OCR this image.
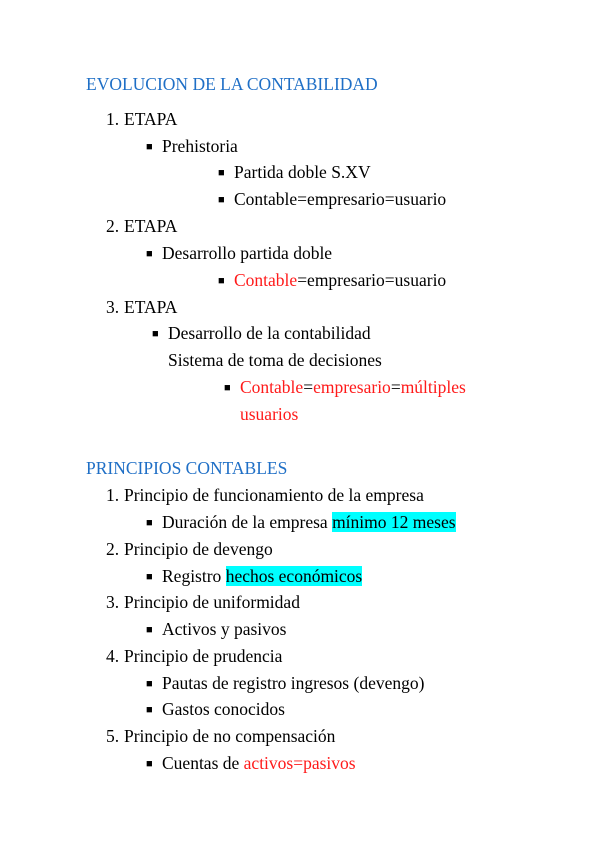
EVOLUCION DE LA CONTABILIDAD
1. ETAPA
■ Prehistoria
■ Partida doble S.XV
■ Contable=empresario=usuario
2. ETAPA
■ Desarrollo partida doble
■ Contable=empresario=usuario
3. ETAPA
■ Desarrollo de la contabilidad
Sistema de toma de decisiones
■ Contable=empresario=múltiples
usuarios
PRINCIPIOS CONTABLES
1. Principio de funcionamiento de la empresa
■ Duración de la empresa mínimo 12 meses
2. Principio de devengo
■ Registro hechos económicos
3. Principio de uniformidad
■ Activos y pasivos
4. Principio de prudencia
■ Pautas de registro ingresos (devengo)
■ Gastos conocidos
5. Principio de no compensación
■ Cuentas de activos=pasivos
